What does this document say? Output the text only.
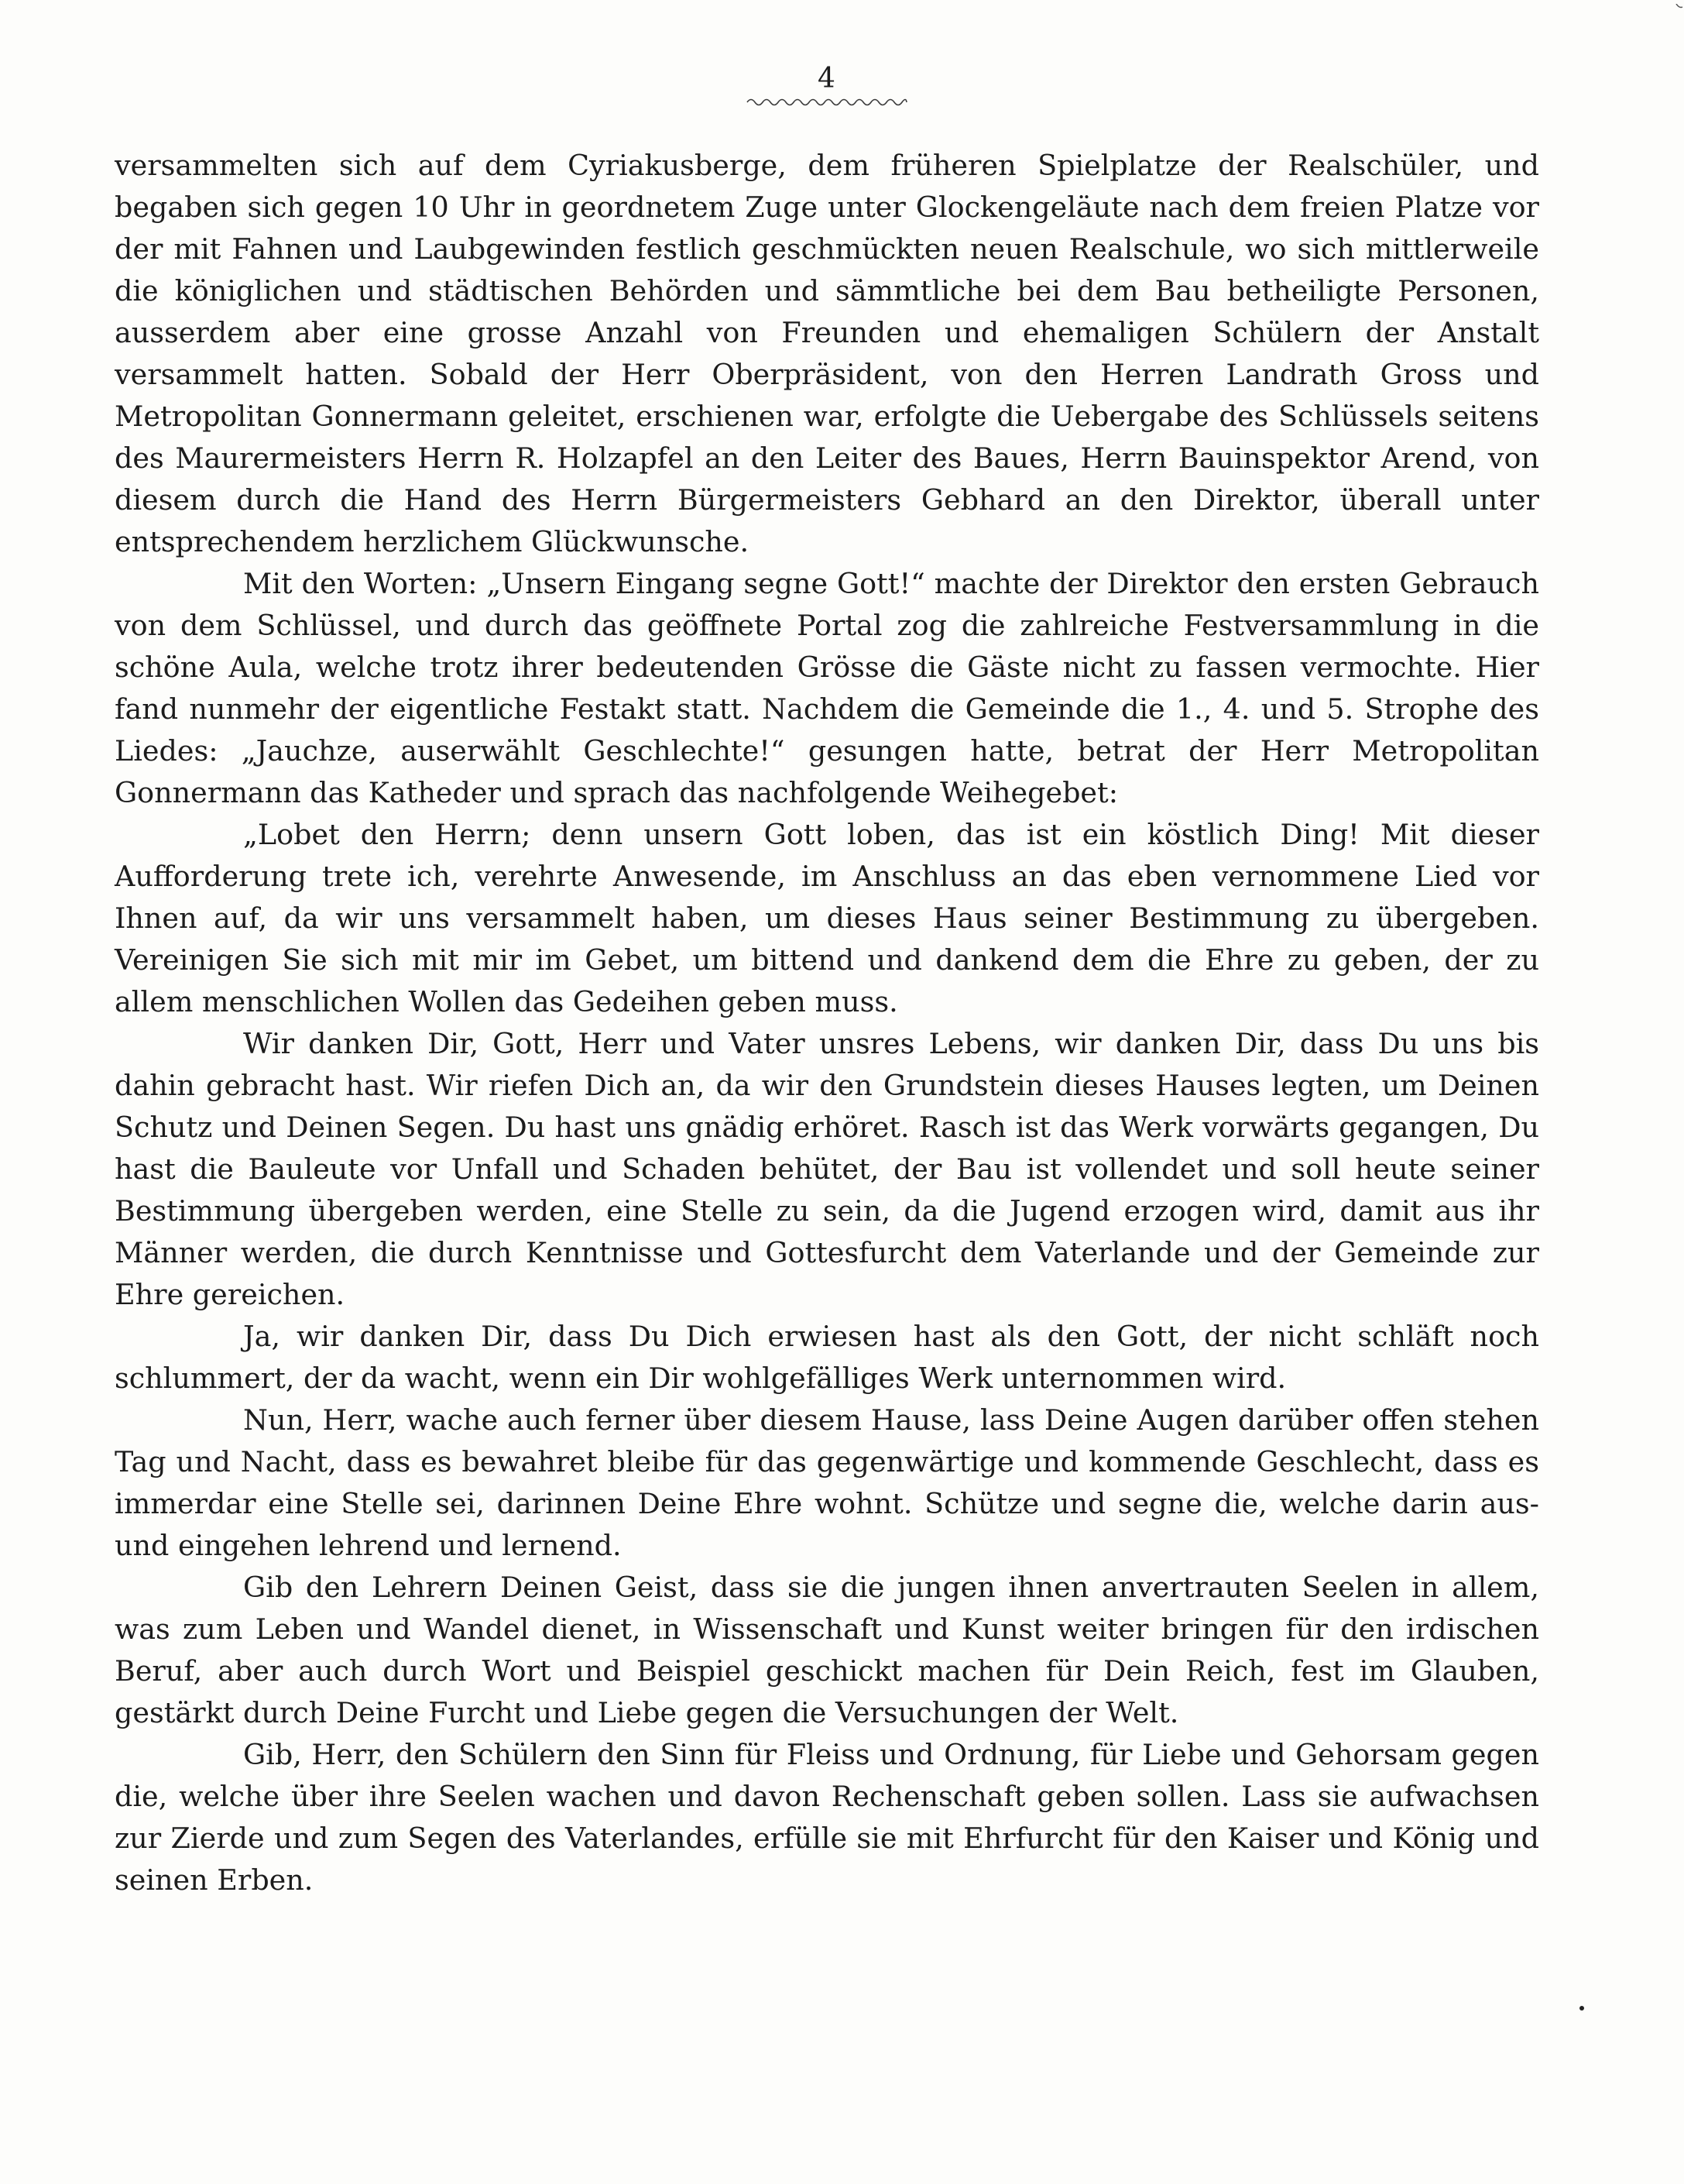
4

versammelten sich auf dem Cyriakusberge, dem früheren Spielplatze der Realschüler, und begaben sich gegen 10 Uhr in geordnetem Zuge unter Glockengeläute nach dem freien Platze vor der mit Fahnen und Laubgewinden festlich geschmückten neuen Realschule, wo sich mittlerweile die königlichen und städtischen Behörden und sämmtliche bei dem Bau betheiligte Personen, ausserdem aber eine grosse Anzahl von Freunden und ehemaligen Schülern der Anstalt versammelt hatten. Sobald der Herr Oberpräsident, von den Herren Landrath Gross und Metropolitan Gonnermann geleitet, erschienen war, erfolgte die Uebergabe des Schlüssels seitens des Maurermeisters Herrn R. Holzapfel an den Leiter des Baues, Herrn Bauinspektor Arend, von diesem durch die Hand des Herrn Bürgermeisters Gebhard an den Direktor, überall unter entsprechendem herzlichem Glückwunsche.

Mit den Worten: „Unsern Eingang segne Gott!“ machte der Direktor den ersten Gebrauch von dem Schlüssel, und durch das geöffnete Portal zog die zahlreiche Festversammlung in die schöne Aula, welche trotz ihrer bedeutenden Grösse die Gäste nicht zu fassen vermochte. Hier fand nunmehr der eigentliche Festakt statt. Nachdem die Gemeinde die 1., 4. und 5. Strophe des Liedes: „Jauchze, auserwählt Geschlechte!“ gesungen hatte, betrat der Herr Metropolitan Gonnermann das Katheder und sprach das nachfolgende Weihegebet:

„Lobet den Herrn; denn unsern Gott loben, das ist ein köstlich Ding! Mit dieser Aufforderung trete ich, verehrte Anwesende, im Anschluss an das eben vernommene Lied vor Ihnen auf, da wir uns versammelt haben, um dieses Haus seiner Bestimmung zu übergeben. Vereinigen Sie sich mit mir im Gebet, um bittend und dankend dem die Ehre zu geben, der zu allem menschlichen Wollen das Gedeihen geben muss.

Wir danken Dir, Gott, Herr und Vater unsres Lebens, wir danken Dir, dass Du uns bis dahin gebracht hast. Wir riefen Dich an, da wir den Grundstein dieses Hauses legten, um Deinen Schutz und Deinen Segen. Du hast uns gnädig erhöret. Rasch ist das Werk vorwärts gegangen, Du hast die Bauleute vor Unfall und Schaden behütet, der Bau ist vollendet und soll heute seiner Bestimmung übergeben werden, eine Stelle zu sein, da die Jugend erzogen wird, damit aus ihr Männer werden, die durch Kenntnisse und Gottesfurcht dem Vaterlande und der Gemeinde zur Ehre gereichen.

Ja, wir danken Dir, dass Du Dich erwiesen hast als den Gott, der nicht schläft noch schlummert, der da wacht, wenn ein Dir wohlgefälliges Werk unternommen wird.

Nun, Herr, wache auch ferner über diesem Hause, lass Deine Augen darüber offen stehen Tag und Nacht, dass es bewahret bleibe für das gegenwärtige und kommende Geschlecht, dass es immerdar eine Stelle sei, darinnen Deine Ehre wohnt. Schütze und segne die, welche darin aus- und eingehen lehrend und lernend.

Gib den Lehrern Deinen Geist, dass sie die jungen ihnen anvertrauten Seelen in allem, was zum Leben und Wandel dienet, in Wissenschaft und Kunst weiter bringen für den irdischen Beruf, aber auch durch Wort und Beispiel geschickt machen für Dein Reich, fest im Glauben, gestärkt durch Deine Furcht und Liebe gegen die Versuchungen der Welt.

Gib, Herr, den Schülern den Sinn für Fleiss und Ordnung, für Liebe und Gehorsam gegen die, welche über ihre Seelen wachen und davon Rechenschaft geben sollen. Lass sie aufwachsen zur Zierde und zum Segen des Vaterlandes, erfülle sie mit Ehrfurcht für den Kaiser und König und seinen Erben.
